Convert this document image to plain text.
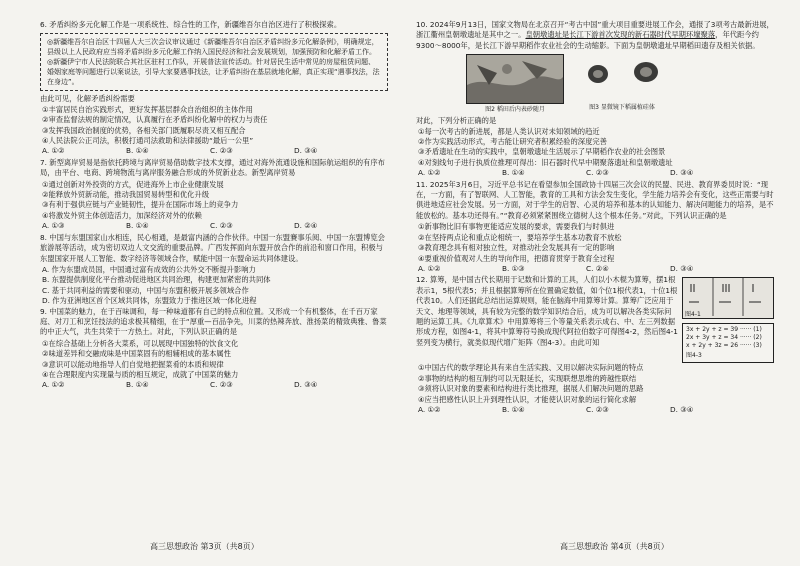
6. 矛盾纠纷多元化解工作是一项系统性、综合性的工作，新疆维吾尔自治区进行了积极探索。

◎新疆维吾尔自治区十四届人大三次会议审议通过《新疆维吾尔自治区矛盾纠纷多元化解条例》，明确规定，县级以上人民政府应当将矛盾纠纷多元化解工作纳入国民经济和社会发展规划，加强预防和化解矛盾工作。
◎新疆伊宁市人民法院联合其社区驻村工作队，开展普法宣传活动。针对居民生活中常见的房屋租赁问题、婚姻家庭等问题进行以案说法，引导大家要遇事找法，让矛盾纠纷在基层就地化解，真正实现“遇事找法，法在身边”。

由此可见，化解矛盾纠纷需要

①丰富居民自治实践形式，更好发挥基层群众自治组织的主体作用

②审查监督法规的制定情况，认真履行在矛盾纠纷化解中的权力与责任

③发挥我国政治制度的优势，各相关部门既履职尽责又相互配合

④人民法院公正司法，积极打通司法救助和法律援助“最后一公里”

A. ①②	B. ①④	C. ②③	D. ③④

7. 新型离岸贸易是指依托跨境与离岸贸易借助数字技术支撑，通过对海外流通设施和国际航运组织的有序布局，由平台、电商、跨境物流与离岸服务融合形成的外贸新业态。新型离岸贸易

①通过创新对外投资的方式，促进海外上市企业健康发展

②能释放外贸新动能，推动我国贸易转型和优化升级

③有利于强供应链与产业链韧性，提升在国际市场上的竞争力

④将激发外贸主体创造活力，加深经济对外的依赖

A. ①③	B. ①④	C. ②③	D. ②④

8. 中国与东盟国家山水相连，民心相通，是最富内涵的合作伙伴。中国一东盟賽事乐阅、中国一东盟博览会旅游展等活动，成为密切双边人文交流的重要品牌。广西发挥面向东盟开放合作的前沿和窗口作用，积极与东盟国家开展人工智能、数字经济等领域合作，赋能中国一东盟命运共同体建设。

A. 作为东盟成员国，中国通过富有成效的公共外交不断提升影响力

B. 东盟提供制度化平台推动促进地区共同治理，构建更加紧密的共同体

C. 基于共同利益的需要和驱动，中国与东盟积极开展多领域合作

D. 作为亚洲地区首个区域共同体，东盟致力于推进区域一体化进程

9. 中国菜的魅力，在于百味调和，每一种味道都有自己的特点和位置。又形成一个有机整体，在千百万家庭、对刀工和烹饪技法的追求极其精细，在于“厚重—百品争先，川菜的热辣奔放、淮扬菜的精致典雅、鲁菜的中正大气，共生共荣于一方热土。对此，下列认识正确的是

①在综合基础上分析各大菜系，可以展现中国独特的饮食文化

②味道差异和交融成味是中国菜固有的相辅相成的基本属性

③意识可以能动地指导人们自觉地把握菜肴的本质和规律

④在合理限度内实现量与质的相互规定，成就了中国菜的魅力

A. ①②	B. ①④	C. ②③	D. ③④
高三思想政治 第3页（共8页）

10. 2024年9月13日，国家文物局在北京召开“考古中国”重大项目重要进展工作会，通报了3项考古最新进展，浙江衢州皇朝墩遗址是其中之一。皇朝墩遗址是长江下游首次发现的新石器时代早期环壕聚落，年代距今约9300～8000年，是长江下游早期稻作农业社会的生动缩影。下面为皇朝墩遗址早期稻田遗存及相关依据。

图2 稻田后内表砂随月	图3 显微镜下稻属植硅体

对此，下列分析正确的是

①每一次考古的新进展，都是人类认识对未知领域的趋近

②作为实践活动形式，考古能让研究者积累经验的深度完善

③矛盾遗址在生动的实践中，皇朝墩遗址生活展示了早期稻作农业的社会图景

④对刻线句子进行执质位推理可得出：旧石器时代早中期聚落遗址和皇朝墩遗址

A. ①②	B. ①④	C. ②③	D. ③④

11. 2025年3月6日，习近平总书记在看望参加全国政协十四届三次会议的民盟、民进、教育界委员时说：“现在，一方面，有了智联网、人工智能，教育的工具和方法会发生变化，学生能力培养会有变化，这些正需要与时俱进地适应社会发展。另一方面，对于学生的启智、心灵的培养和基本的认知能力、解决问题能力的培养，是不能放松的。基本功还得有。”“教育必须紧紧围绕立德树人这个根本任务。”对此，下列认识正确的是

①新事物比旧有事物更能适应发展的要求，需要我们与时俱进

②在坚持两点论和重点论相统一，要培养学生基本功教育不放松

③教育理念具有相对独立性，对推动社会发展具有一定的影响

④要重视价值观对人生的导向作用，把德育贯穿于教育全过程

A. ①②	B. ①③	C. ②④	D. ③④

12. 算筹，是中国古代长期用于记数和计算的工具，人们以小木棍为算筹，摆1根表示1，5根代表5；并且根据算筹所在位置确定数值，如个位1根代表1，十位1根代表10。人们还据此总结出运算规则，能在脑海中用算筹计算。算筹广泛应用于天文、地理等领域，具有较为完整的数学知识结合后，成为可以解决各类实际问题的运算工具。《九章算术》中用算筹将三个等量关系表示成右、中、左三列数据形成方程，如图4-1，将其中算筹符号换成现代阿拉伯数字可得图4-2，然后图4-1竖列变为横行，就类似现代增广矩阵（图4-3）。由此可知

图4-1
3x + 2y + z = 39 ······ (1)
2x + 3y + z = 34 ······ (2)
x + 2y + 3z = 26 ······ (3)
图4-3

①中国古代的数学理论具有来自生活实践、又用以解决实际问题的特点

②事物的结构的相互制约可以无限延长，实现联想思维的跨越性联结

③须将认识对象的要素和结构进行类比推理，据展人们解决问题的思路

④应当把感性认识上升到理性认识，才能使认识对象的运行简化求解

A. ①②	B. ①④	C. ②③	D. ③④
高三思想政治 第4页（共8页）
